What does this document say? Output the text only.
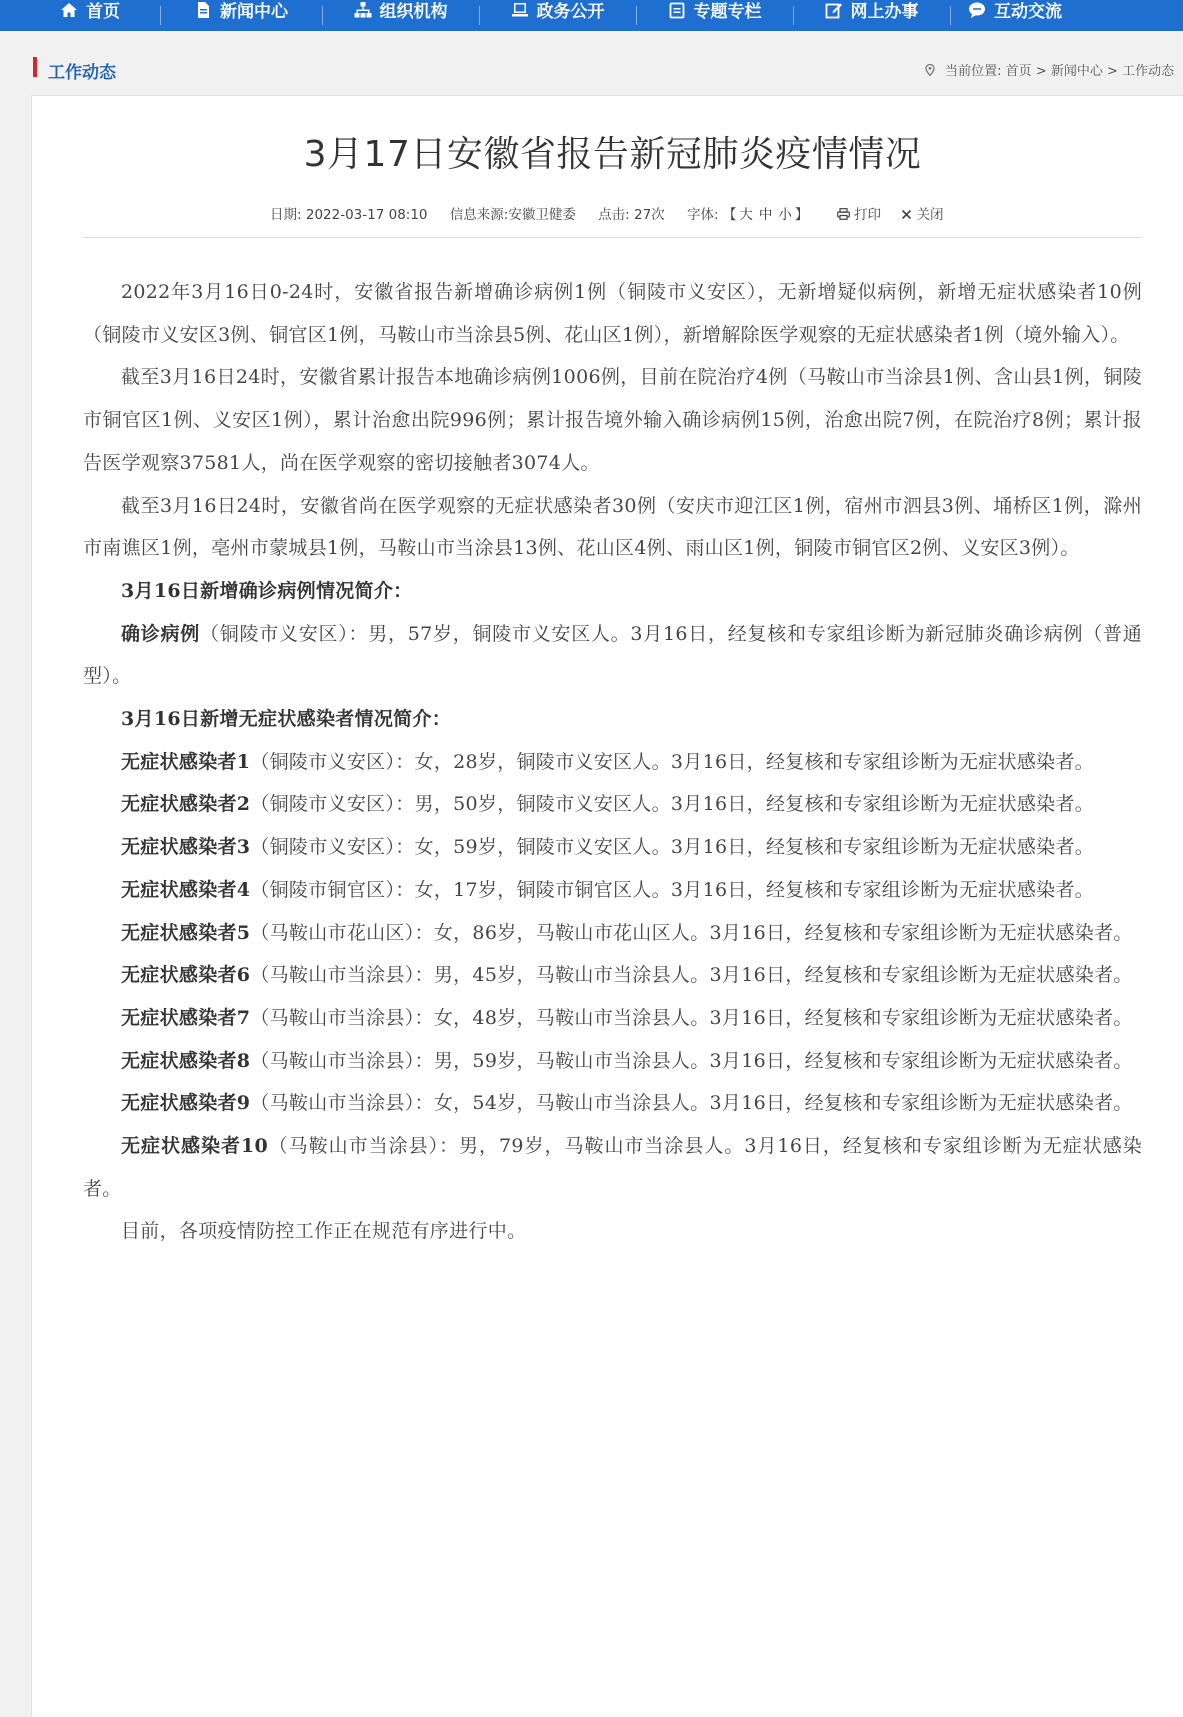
首页	新闻中心	组织机构	政务公开	专题专栏	网上办事	互动交流
工作动态	当前位置: 首页 > 新闻中心 > 工作动态
3月17日安徽省报告新冠肺炎疫情情况
日期: 2022-03-17 08:10 信息来源:安徽卫健委 点击: 27次 字体: 【 大 中 小 】	打印	关闭

2022年3月16日0-24时，安徽省报告新增确诊病例1例（铜陵市义安区），无新增疑似病例，新增无症状感染者10例（铜陵市义安区3例、铜官区1例，马鞍山市当涂县5例、花山区1例），新增解除医学观察的无症状感染者1例（境外输入）。

截至3月16日24时，安徽省累计报告本地确诊病例1006例，目前在院治疗4例（马鞍山市当涂县1例、含山县1例，铜陵市铜官区1例、义安区1例），累计治愈出院996例；累计报告境外输入确诊病例15例，治愈出院7例，在院治疗8例；累计报告医学观察37581人，尚在医学观察的密切接触者3074人。

截至3月16日24时，安徽省尚在医学观察的无症状感染者30例（安庆市迎江区1例，宿州市泗县3例、埇桥区1例，滁州市南谯区1例，亳州市蒙城县1例，马鞍山市当涂县13例、花山区4例、雨山区1例，铜陵市铜官区2例、义安区3例）。

3月16日新增确诊病例情况简介：

确诊病例（铜陵市义安区）：男，57岁，铜陵市义安区人。3月16日，经复核和专家组诊断为新冠肺炎确诊病例（普通型）。

3月16日新增无症状感染者情况简介：

无症状感染者1（铜陵市义安区）：女，28岁，铜陵市义安区人。3月16日，经复核和专家组诊断为无症状感染者。

无症状感染者2（铜陵市义安区）：男，50岁，铜陵市义安区人。3月16日，经复核和专家组诊断为无症状感染者。

无症状感染者3（铜陵市义安区）：女，59岁，铜陵市义安区人。3月16日，经复核和专家组诊断为无症状感染者。

无症状感染者4（铜陵市铜官区）：女，17岁，铜陵市铜官区人。3月16日，经复核和专家组诊断为无症状感染者。

无症状感染者5（马鞍山市花山区）：女，86岁，马鞍山市花山区人。3月16日，经复核和专家组诊断为无症状感染者。

无症状感染者6（马鞍山市当涂县）：男，45岁，马鞍山市当涂县人。3月16日，经复核和专家组诊断为无症状感染者。

无症状感染者7（马鞍山市当涂县）：女，48岁，马鞍山市当涂县人。3月16日，经复核和专家组诊断为无症状感染者。

无症状感染者8（马鞍山市当涂县）：男，59岁，马鞍山市当涂县人。3月16日，经复核和专家组诊断为无症状感染者。

无症状感染者9（马鞍山市当涂县）：女，54岁，马鞍山市当涂县人。3月16日，经复核和专家组诊断为无症状感染者。

无症状感染者10（马鞍山市当涂县）：男，79岁，马鞍山市当涂县人。3月16日，经复核和专家组诊断为无症状感染者。

目前，各项疫情防控工作正在规范有序进行中。
